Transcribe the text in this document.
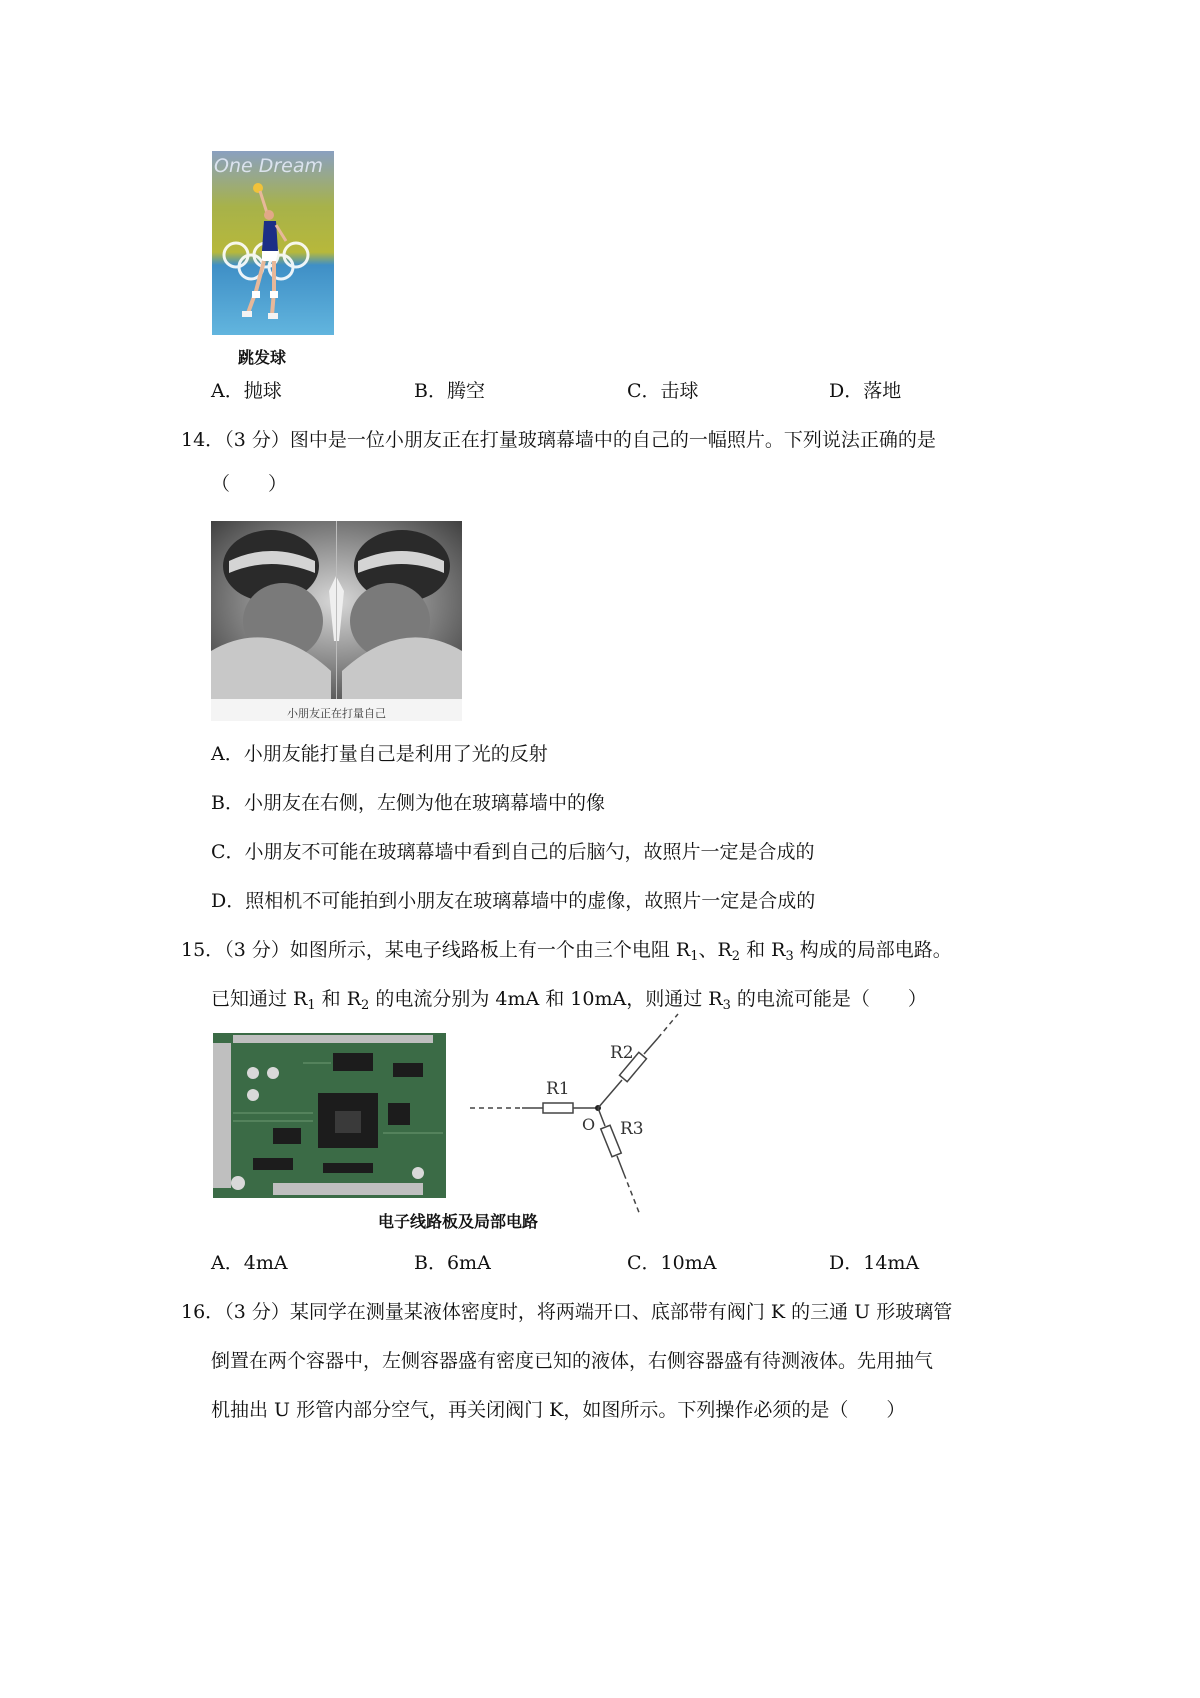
One Dream
跳发球
A．抛球	B．腾空	C．击球	D．落地
14．（3 分）图中是一位小朋友正在打量玻璃幕墙中的自己的一幅照片。下列说法正确的是
（　　）
小朋友正在打量自己
A．小朋友能打量自己是利用了光的反射
B．小朋友在右侧，左侧为他在玻璃幕墙中的像
C．小朋友不可能在玻璃幕墙中看到自己的后脑勺，故照片一定是合成的
D．照相机不可能拍到小朋友在玻璃幕墙中的虚像，故照片一定是合成的
15．（3 分）如图所示，某电子线路板上有一个由三个电阻 $R_1$、$R_2$ 和 $R_3$ 构成的局部电路。
已知通过 $R_1$ 和 $R_2$ 的电流分别为 4mA 和 10mA，则通过 $R_3$ 的电流可能是（　　）
R1
O
R2
R3
电子线路板及局部电路
A．4mA	B．6mA	C．10mA	D．14mA
16．（3 分）某同学在测量某液体密度时，将两端开口、底部带有阀门 K 的三通 U 形玻璃管
倒置在两个容器中，左侧容器盛有密度已知的液体，右侧容器盛有待测液体。先用抽气
机抽出 U 形管内部分空气，再关闭阀门 K，如图所示。下列操作必须的是（　　）
